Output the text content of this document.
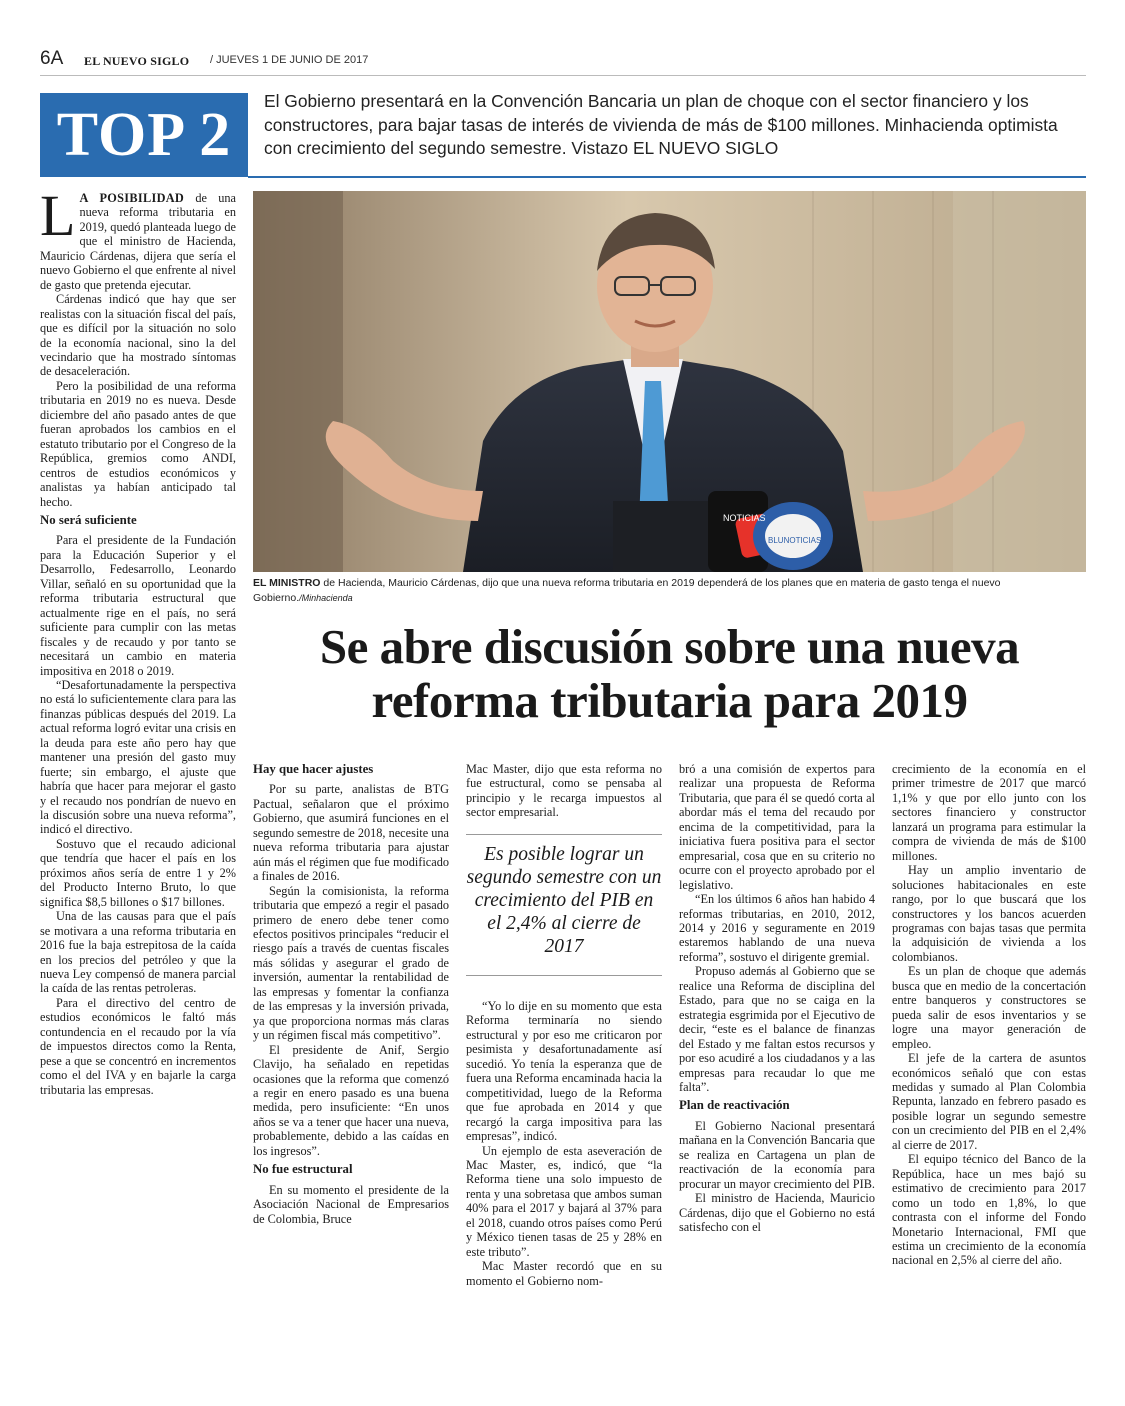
6A EL NUEVO SIGLO / JUEVES 1 DE JUNIO DE 2017
TOP 2	El Gobierno presentará en la Convención Bancaria un plan de choque con el sector financiero y los constructores, para bajar tasas de interés de vivienda de más de $100 millones. Minhacienda optimista con crecimiento del segundo semestre. Vistazo EL NUEVO SIGLO
NOTICIAS
BLUNOTICIAS
EL MINISTRO de Hacienda, Mauricio Cárdenas, dijo que una nueva reforma tributaria en 2019 dependerá de los planes que en materia de gasto tenga el nuevo Gobierno./Minhacienda
Se abre discusión sobre una nueva reforma tributaria para 2019

L A POSIBILIDAD de una nueva reforma tributaria en 2019, quedó planteada luego de que el ministro de Hacienda, Mauricio Cárdenas, dijera que sería el nuevo Gobierno el que enfrente al nivel de gasto que pretenda ejecutar.

Cárdenas indicó que hay que ser realistas con la situación fiscal del país, que es difícil por la situación no solo de la economía nacional, sino la del vecindario que ha mostrado síntomas de desaceleración.

Pero la posibilidad de una reforma tributaria en 2019 no es nueva. Desde diciembre del año pasado antes de que fueran aprobados los cambios en el estatuto tributario por el Congreso de la República, gremios como ANDI, centros de estudios económicos y analistas ya habían anticipado tal hecho.

No será suficiente

Para el presidente de la Fundación para la Educación Superior y el Desarrollo, Fedesarrollo, Leonardo Villar, señaló en su oportunidad que la reforma tributaria estructural que actualmente rige en el país, no será suficiente para cumplir con las metas fiscales y de recaudo y por tanto se necesitará un cambio en materia impositiva en 2018 o 2019.

“Desafortunadamente la perspectiva no está lo suficientemente clara para las finanzas públicas después del 2019. La actual reforma logró evitar una crisis en la deuda para este año pero hay que mantener una presión del gasto muy fuerte; sin embargo, el ajuste que habría que hacer para mejorar el gasto y el recaudo nos pondrían de nuevo en la discusión sobre una nueva reforma”, indicó el directivo.

Sostuvo que el recaudo adicional que tendría que hacer el país en los próximos años sería de entre 1 y 2% del Producto Interno Bruto, lo que significa $8,5 billones o $17 billones.

Una de las causas para que el país se motivara a una reforma tributaria en 2016 fue la baja estrepitosa de la caída en los precios del petróleo y que la nueva Ley compensó de manera parcial la caída de las rentas petroleras.

Para el directivo del centro de estudios económicos le faltó más contundencia en el recaudo por la vía de impuestos directos como la Renta, pese a que se concentró en incrementos como el del IVA y en bajarle la carga tributaria las empresas.

Hay que hacer ajustes

Por su parte, analistas de BTG Pactual, señalaron que el próximo Gobierno, que asumirá funciones en el segundo semestre de 2018, necesite una nueva reforma tributaria para ajustar aún más el régimen que fue modificado a finales de 2016.

Según la comisionista, la reforma tributaria que empezó a regir el pasado primero de enero debe tener como efectos positivos principales “reducir el riesgo país a través de cuentas fiscales más sólidas y asegurar el grado de inversión, aumentar la rentabilidad de las empresas y fomentar la confianza de las empresas y la inversión privada, ya que proporciona normas más claras y un régimen fiscal más competitivo”.

El presidente de Anif, Sergio Clavijo, ha señalado en repetidas ocasiones que la reforma que comenzó a regir en enero pasado es una buena medida, pero insuficiente: “En unos años se va a tener que hacer una nueva, probablemente, debido a las caídas en los ingresos”.

No fue estructural

En su momento el presidente de la Asociación Nacional de Empresarios de Colombia, Bruce

Mac Master, dijo que esta reforma no fue estructural, como se pensaba al principio y le recarga impuestos al sector empresarial.

Es posible lograr un segundo semestre con un crecimiento del PIB en el 2,4% al cierre de 2017

“Yo lo dije en su momento que esta Reforma terminaría no siendo estructural y por eso me criticaron por pesimista y desafortunadamente así sucedió. Yo tenía la esperanza que de fuera una Reforma encaminada hacia la competitividad, luego de la Reforma que fue aprobada en 2014 y que recargó la carga impositiva para las empresas”, indicó.

Un ejemplo de esta aseveración de Mac Master, es, indicó, que “la Reforma tiene una solo impuesto de renta y una sobretasa que ambos suman 40% para el 2017 y bajará al 37% para el 2018, cuando otros países como Perú y México tienen tasas de 25 y 28% en este tributo”.

Mac Master recordó que en su momento el Gobierno nom-

bró a una comisión de expertos para realizar una propuesta de Reforma Tributaria, que para él se quedó corta al abordar más el tema del recaudo por encima de la competitividad, para la iniciativa fuera positiva para el sector empresarial, cosa que en su criterio no ocurre con el proyecto aprobado por el legislativo.

“En los últimos 6 años han habido 4 reformas tributarias, en 2010, 2012, 2014 y 2016 y seguramente en 2019 estaremos hablando de una nueva reforma”, sostuvo el dirigente gremial.

Propuso además al Gobierno que se realice una Reforma de disciplina del Estado, para que no se caiga en la estrategia esgrimida por el Ejecutivo de decir, “este es el balance de finanzas del Estado y me faltan estos recursos y por eso acudiré a los ciudadanos y a las empresas para recaudar lo que me falta”.

Plan de reactivación

El Gobierno Nacional presentará mañana en la Convención Bancaria que se realiza en Cartagena un plan de reactivación de la economía para procurar un mayor crecimiento del PIB.

El ministro de Hacienda, Mauricio Cárdenas, dijo que el Gobierno no está satisfecho con el

crecimiento de la economía en el primer trimestre de 2017 que marcó 1,1% y que por ello junto con los sectores financiero y constructor lanzará un programa para estimular la compra de vivienda de más de $100 millones.

Hay un amplio inventario de soluciones habitacionales en este rango, por lo que buscará que los constructores y los bancos acuerden programas con bajas tasas que permita la adquisición de vivienda a los colombianos.

Es un plan de choque que además busca que en medio de la concertación entre banqueros y constructores se pueda salir de esos inventarios y se logre una mayor generación de empleo.

El jefe de la cartera de asuntos económicos señaló que con estas medidas y sumado al Plan Colombia Repunta, lanzado en febrero pasado es posible lograr un segundo semestre con un crecimiento del PIB en el 2,4% al cierre de 2017.

El equipo técnico del Banco de la República, hace un mes bajó su estimativo de crecimiento para 2017 como un todo en 1,8%, lo que contrasta con el informe del Fondo Monetario Internacional, FMI que estima un crecimiento de la economía nacional en 2,5% al cierre del año.
